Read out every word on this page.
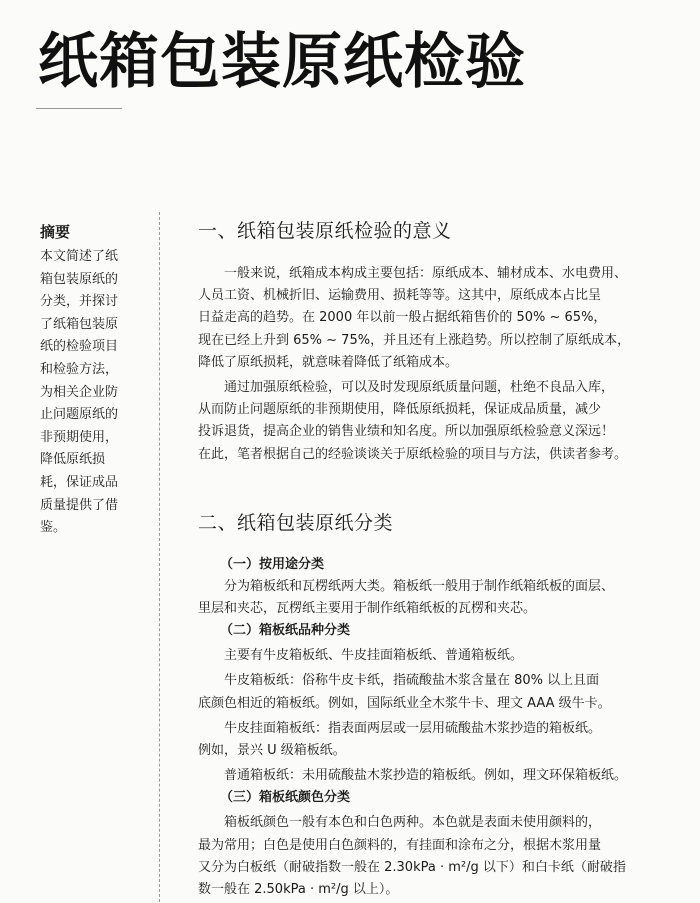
纸箱包装原纸检验
摘要

本文简述了纸
箱包装原纸的
分类，并探讨
了纸箱包装原
纸的检验项目
和检验方法，
为相关企业防
止问题原纸的
非预期使用，
降低原纸损
耗，保证成品
质量提供了借
鉴。

一、纸箱包装原纸检验的意义

一般来说，纸箱成本构成主要包括：原纸成本、辅材成本、水电费用、
人员工资、机械折旧、运输费用、损耗等等。这其中，原纸成本占比呈
日益走高的趋势。在 2000 年以前一般占据纸箱售价的 50% ~ 65%，
现在已经上升到 65% ~ 75%，并且还有上涨趋势。所以控制了原纸成本，
降低了原纸损耗，就意味着降低了纸箱成本。

通过加强原纸检验，可以及时发现原纸质量问题，杜绝不良品入库，
从而防止问题原纸的非预期使用，降低原纸损耗，保证成品质量，减少
投诉退货，提高企业的销售业绩和知名度。所以加强原纸检验意义深远！
在此，笔者根据自己的经验谈谈关于原纸检验的项目与方法，供读者参考。

二、纸箱包装原纸分类

（一）按用途分类

分为箱板纸和瓦楞纸两大类。箱板纸一般用于制作纸箱纸板的面层、
里层和夹芯，瓦楞纸主要用于制作纸箱纸板的瓦楞和夹芯。

（二）箱板纸品种分类

主要有牛皮箱板纸、牛皮挂面箱板纸、普通箱板纸。

牛皮箱板纸：俗称牛皮卡纸，指硫酸盐木浆含量在 80% 以上且面
底颜色相近的箱板纸。例如，国际纸业全木浆牛卡、理文 AAA 级牛卡。

牛皮挂面箱板纸：指表面两层或一层用硫酸盐木浆抄造的箱板纸。
例如，景兴 U 级箱板纸。

普通箱板纸：未用硫酸盐木浆抄造的箱板纸。例如，理文环保箱板纸。

（三）箱板纸颜色分类

箱板纸颜色一般有本色和白色两种。本色就是表面未使用颜料的，
最为常用；白色是使用白色颜料的，有挂面和涂布之分，根据木浆用量
又分为白板纸（耐破指数一般在 2.30kPa · m²/g 以下）和白卡纸（耐破指
数一般在 2.50kPa · m²/g 以上）。
